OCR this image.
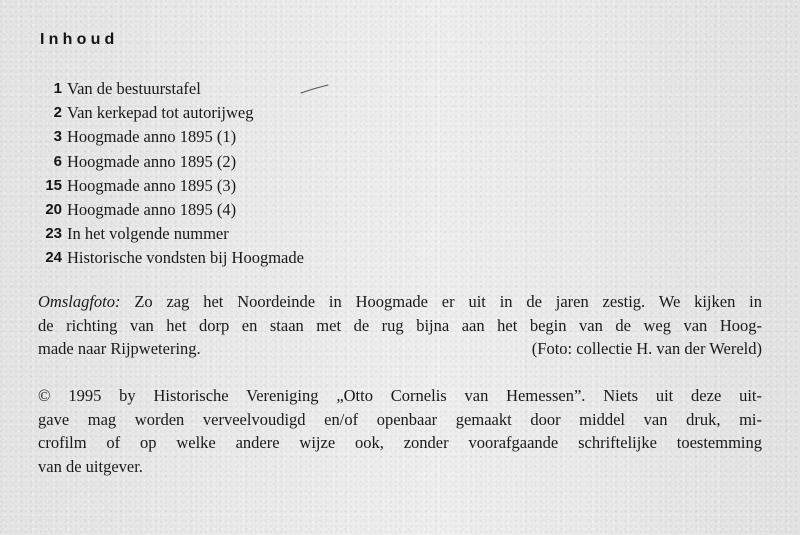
Inhoud
1 Van de bestuurstafel
2 Van kerkepad tot autorijweg
3 Hoogmade anno 1895 (1)
6 Hoogmade anno 1895 (2)
15 Hoogmade anno 1895 (3)
20 Hoogmade anno 1895 (4)
23 In het volgende nummer
24 Historische vondsten bij Hoogmade
Omslagfoto: Zo zag het Noordeinde in Hoogmade er uit in de jaren zestig. We kijken in
de richting van het dorp en staan met de rug bijna aan het begin van de weg van Hoog-
made naar Rijpwetering.	(Foto: collectie H. van der Wereld)
© 1995 by Historische Vereniging „Otto Cornelis van Hemessen”. Niets uit deze uit-
gave mag worden verveelvoudigd en/of openbaar gemaakt door middel van druk, mi-
crofilm of op welke andere wijze ook, zonder voorafgaande schriftelijke toestemming
van de uitgever.
